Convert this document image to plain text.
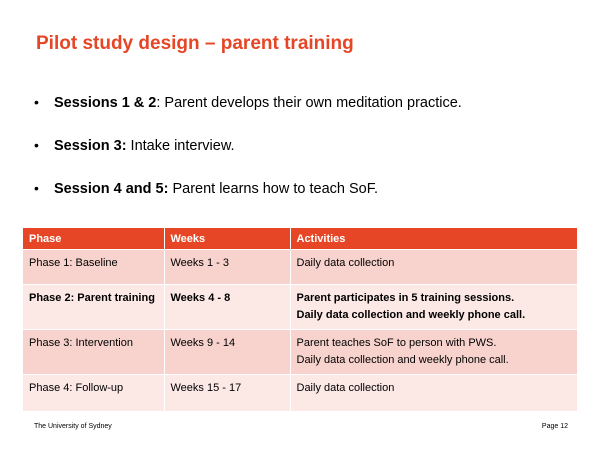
Pilot study design – parent training
•	Sessions 1 & 2: Parent develops their own meditation practice.
•	Session 3: Intake interview.
•	Session 4 and 5: Parent learns how to teach SoF.
Phase	Weeks	Activities
Phase 1: Baseline	Weeks 1 - 3	Daily data collection

Phase 2: Parent training	Weeks 4 - 8	Parent participates in 5 training sessions.
Daily data collection and weekly phone call.

Phase 3: Intervention	Weeks 9 - 14	Parent teaches SoF to person with PWS.
Daily data collection and weekly phone call.

Phase 4: Follow-up	Weeks 15 - 17	Daily data collection
The University of Sydney	Page 12
